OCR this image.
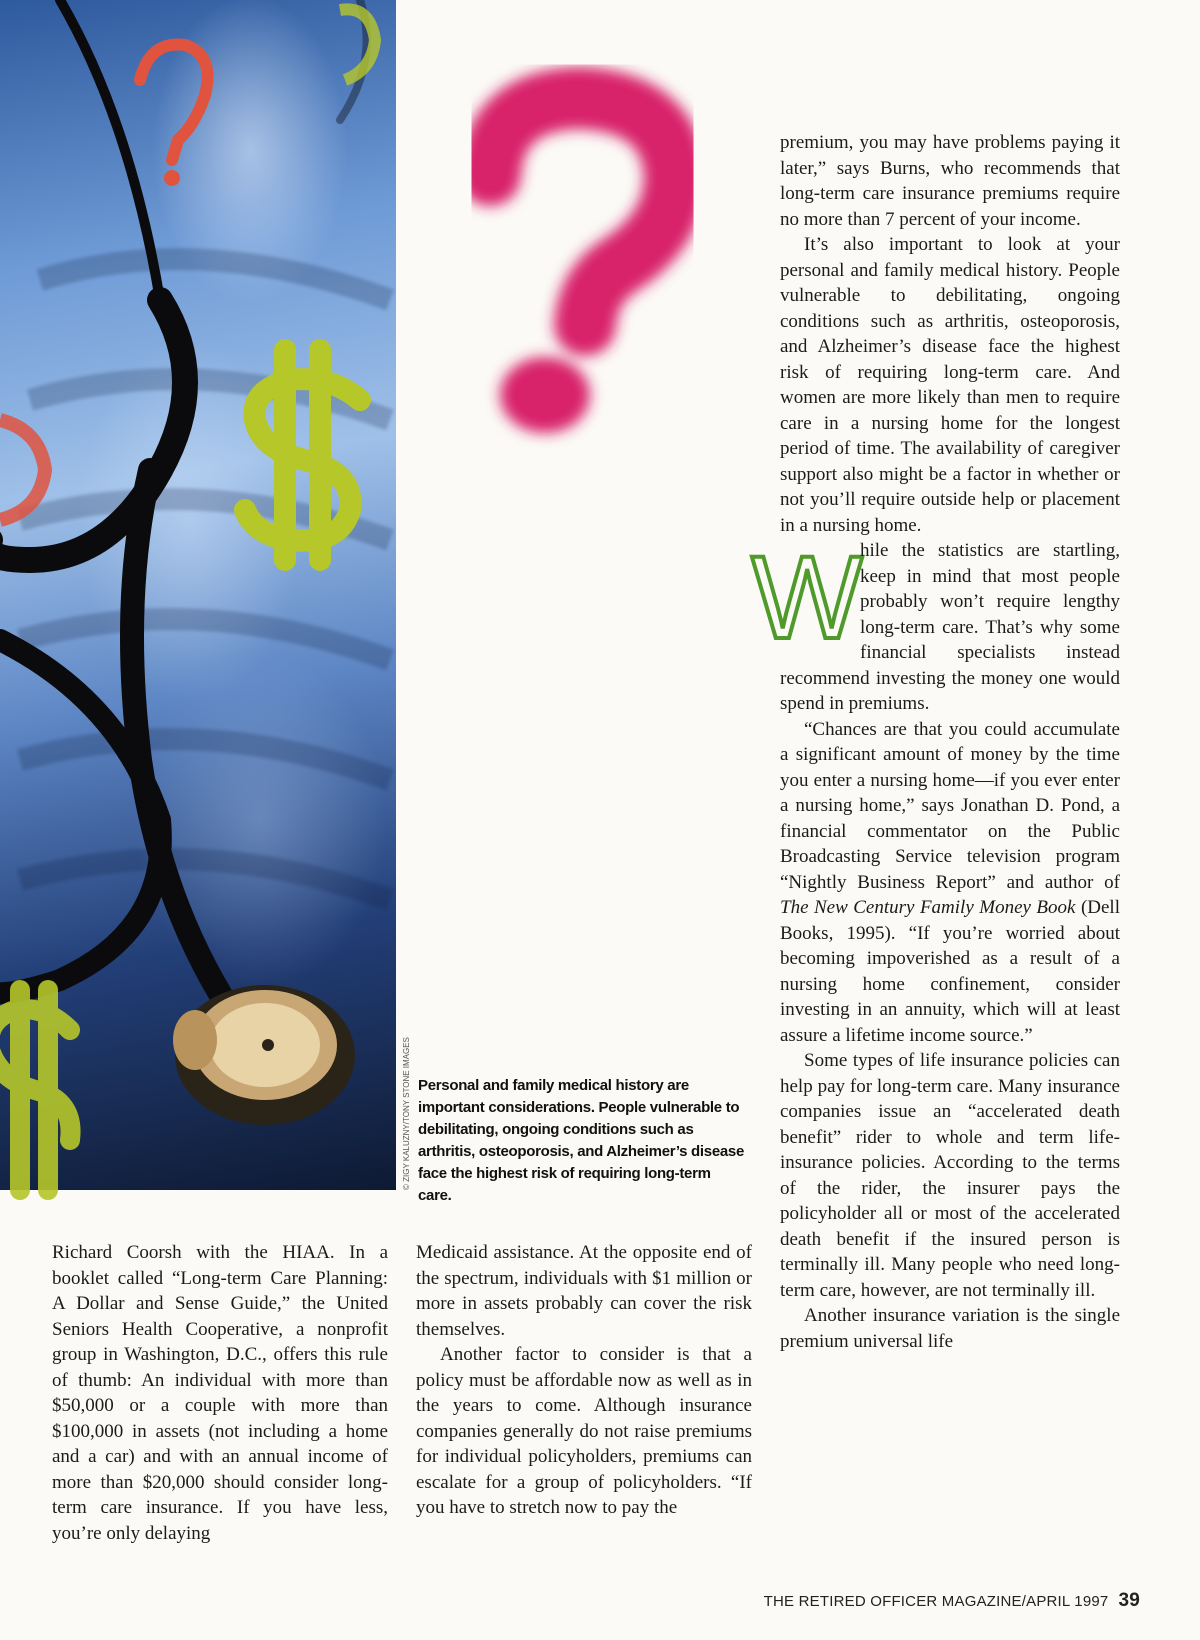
© ZIGY KALUZNY/TONY STONE IMAGES Personal and family medical history are important considerations. People vulnerable to debilitating, ongoing conditions such as arthritis, osteoporosis, and Alzheimer’s disease face the highest risk of requiring long-term care.

Richard Coorsh with the HIAA. In a booklet called “Long-term Care Planning: A Dollar and Sense Guide,” the United Seniors Health Cooperative, a nonprofit group in Washington, D.C., offers this rule of thumb: An individual with more than $50,000 or a couple with more than $100,000 in assets (not including a home and a car) and with an annual income of more than $20,000 should consider long-term care insurance. If you have less, you’re only delaying

Medicaid assistance. At the opposite end of the spectrum, individuals with $1 million or more in assets probably can cover the risk themselves.

Another factor to consider is that a policy must be affordable now as well as in the years to come. Although insurance companies generally do not raise premiums for individual policyholders, premiums can escalate for a group of policyholders. “If you have to stretch now to pay the

premium, you may have problems paying it later,” says Burns, who recommends that long-term care insurance premiums require no more than 7 percent of your income.

It’s also important to look at your personal and family medical history. People vulnerable to debilitating, ongoing conditions such as arthritis, osteoporosis, and Alzheimer’s disease face the highest risk of requiring long-term care. And women are more likely than men to require care in a nursing home for the longest period of time. The availability of caregiver support also might be a factor in whether or not you’ll require outside help or placement in a nursing home.

W

hile the statistics are startling, keep in mind that most people probably won’t require lengthy long-term care. That’s why some financial specialists instead recommend investing the money one would spend in premiums.

“Chances are that you could accumulate a significant amount of money by the time you enter a nursing home—if you ever enter a nursing home,” says Jonathan D. Pond, a financial commentator on the Public Broadcasting Service television program “Nightly Business Report” and author of The New Century Family Money Book (Dell Books, 1995). “If you’re worried about becoming impoverished as a result of a nursing home confinement, consider investing in an annuity, which will at least assure a lifetime income source.”

Some types of life insurance policies can help pay for long-term care. Many insurance companies issue an “accelerated death benefit” rider to whole and term life-insurance policies. According to the terms of the rider, the insurer pays the policyholder all or most of the accelerated death benefit if the insured person is terminally ill. Many people who need long-term care, however, are not terminally ill.

Another insurance variation is the single premium universal life

THE RETIRED OFFICER MAGAZINE/APRIL 1997 39
